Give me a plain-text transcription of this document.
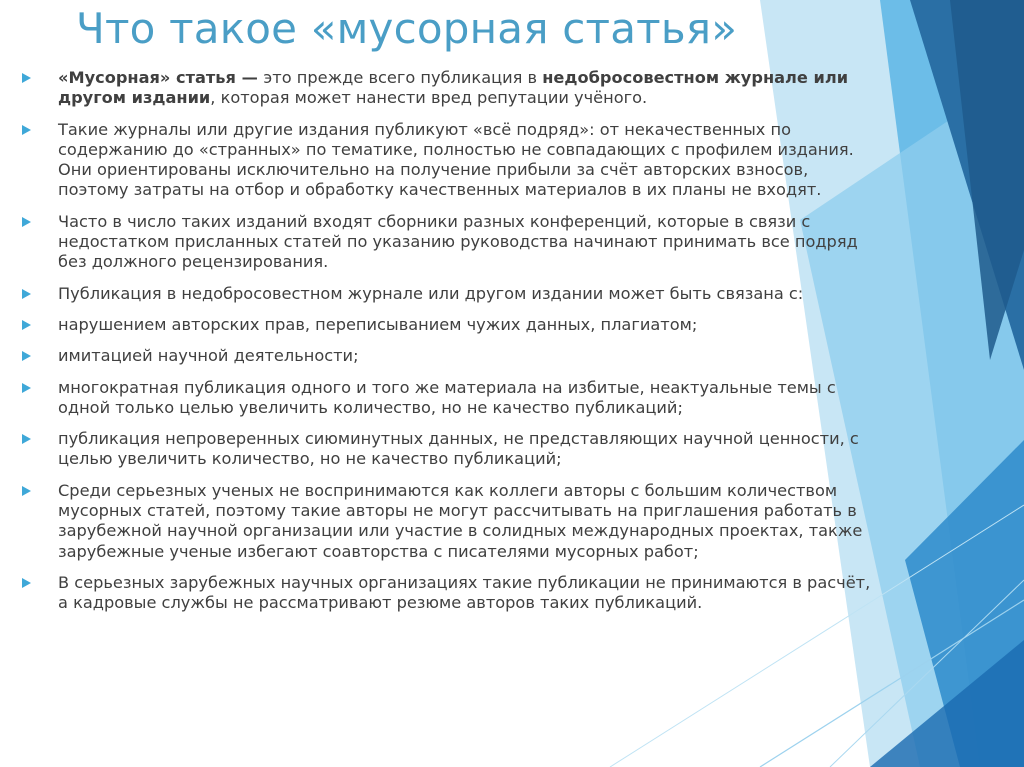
Что такое «мусорная статья»
«Мусорная» статья — это прежде всего публикация в недобросовестном журнале или другом издании, которая может нанести вред репутации учёного.
Такие журналы или другие издания публикуют «всё подряд»: от некачественных по содержанию до «странных» по тематике, полностью не совпадающих с профилем издания. Они ориентированы исключительно на получение прибыли за счёт авторских взносов, поэтому затраты на отбор и обработку качественных материалов в их планы не входят.
Часто в число таких изданий входят сборники разных конференций, которые в связи с недостатком присланных статей по указанию руководства начинают принимать все подряд без должного рецензирования.
Публикация в недобросовестном журнале или другом издании может быть связана с:
нарушением авторских прав, переписыванием чужих данных, плагиатом;
имитацией научной деятельности;
многократная публикация одного и того же материала на избитые, неактуальные темы с одной только целью увеличить количество, но не качество публикаций;
публикация непроверенных сиюминутных данных, не представляющих научной ценности, с целью увеличить количество, но не качество публикаций;
Среди серьезных ученых не воспринимаются как коллеги авторы с большим количеством мусорных статей, поэтому такие авторы не могут рассчитывать на приглашения работать в зарубежной научной организации или участие в солидных международных проектах, также зарубежные ученые избегают соавторства с писателями мусорных работ;
В серьезных зарубежных научных организациях такие публикации не принимаются в расчёт, а кадровые службы не рассматривают резюме авторов таких публикаций.
